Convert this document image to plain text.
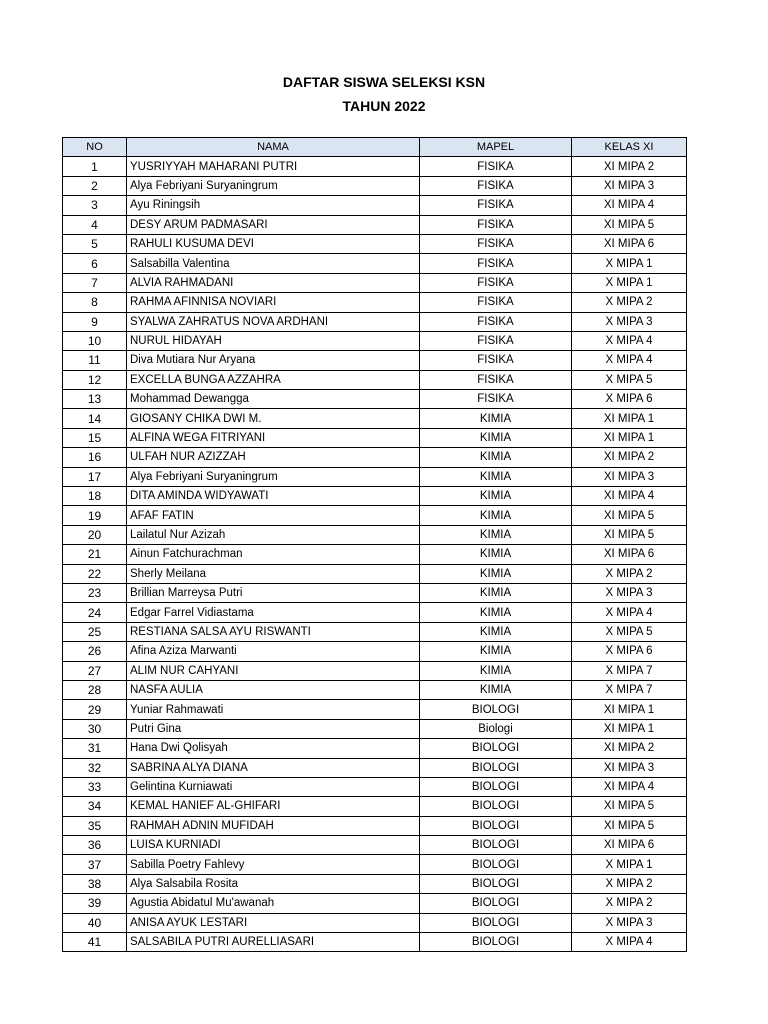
DAFTAR SISWA SELEKSI KSN
TAHUN 2022
NO	NAMA	MAPEL	KELAS XI
1	YUSRIYYAH MAHARANI PUTRI	FISIKA	XI MIPA 2
2	Alya Febriyani Suryaningrum	FISIKA	XI MIPA 3
3	Ayu Riningsih	FISIKA	XI MIPA 4
4	DESY ARUM PADMASARI	FISIKA	XI MIPA 5
5	RAHULI KUSUMA DEVI	FISIKA	XI MIPA 6
6	Salsabilla Valentina	FISIKA	X MIPA 1
7	ALVIA RAHMADANI	FISIKA	X MIPA 1
8	RAHMA AFINNISA NOVIARI	FISIKA	X MIPA 2
9	SYALWA ZAHRATUS NOVA ARDHANI	FISIKA	X MIPA 3
10	NURUL HIDAYAH	FISIKA	X MIPA 4
11	Diva Mutiara Nur Aryana	FISIKA	X MIPA 4
12	EXCELLA BUNGA AZZAHRA	FISIKA	X MIPA 5
13	Mohammad Dewangga	FISIKA	X MIPA 6
14	GIOSANY CHIKA DWI M.	KIMIA	XI MIPA 1
15	ALFINA WEGA FITRIYANI	KIMIA	XI MIPA 1
16	ULFAH NUR AZIZZAH	KIMIA	XI MIPA 2
17	Alya Febriyani Suryaningrum	KIMIA	XI MIPA 3
18	DITA AMINDA WIDYAWATI	KIMIA	XI MIPA 4
19	AFAF FATIN	KIMIA	XI MIPA 5
20	Lailatul Nur Azizah	KIMIA	XI MIPA 5
21	Ainun Fatchurachman	KIMIA	XI MIPA 6
22	Sherly Meilana	KIMIA	X MIPA 2
23	Brillian Marreysa Putri	KIMIA	X MIPA 3
24	Edgar Farrel Vidiastama	KIMIA	X MIPA 4
25	RESTIANA SALSA AYU RISWANTI	KIMIA	X MIPA 5
26	Afina Aziza Marwanti	KIMIA	X MIPA 6
27	ALIM NUR CAHYANI	KIMIA	X MIPA 7
28	NASFA AULIA	KIMIA	X MIPA 7
29	Yuniar Rahmawati	BIOLOGI	XI MIPA 1
30	Putri Gina	Biologi	XI MIPA 1
31	Hana Dwi Qolisyah	BIOLOGI	XI MIPA 2
32	SABRINA ALYA DIANA	BIOLOGI	XI MIPA 3
33	Gelintina Kurniawati	BIOLOGI	XI MIPA 4
34	KEMAL HANIEF AL-GHIFARI	BIOLOGI	XI MIPA 5
35	RAHMAH ADNIN MUFIDAH	BIOLOGI	XI MIPA 5
36	LUISA KURNIADI	BIOLOGI	XI MIPA 6
37	Sabilla Poetry Fahlevy	BIOLOGI	X MIPA 1
38	Alya Salsabila Rosita	BIOLOGI	X MIPA 2
39	Agustia Abidatul Mu'awanah	BIOLOGI	X MIPA 2
40	ANISA AYUK LESTARI	BIOLOGI	X MIPA 3
41	SALSABILA PUTRI AURELLIASARI	BIOLOGI	X MIPA 4
